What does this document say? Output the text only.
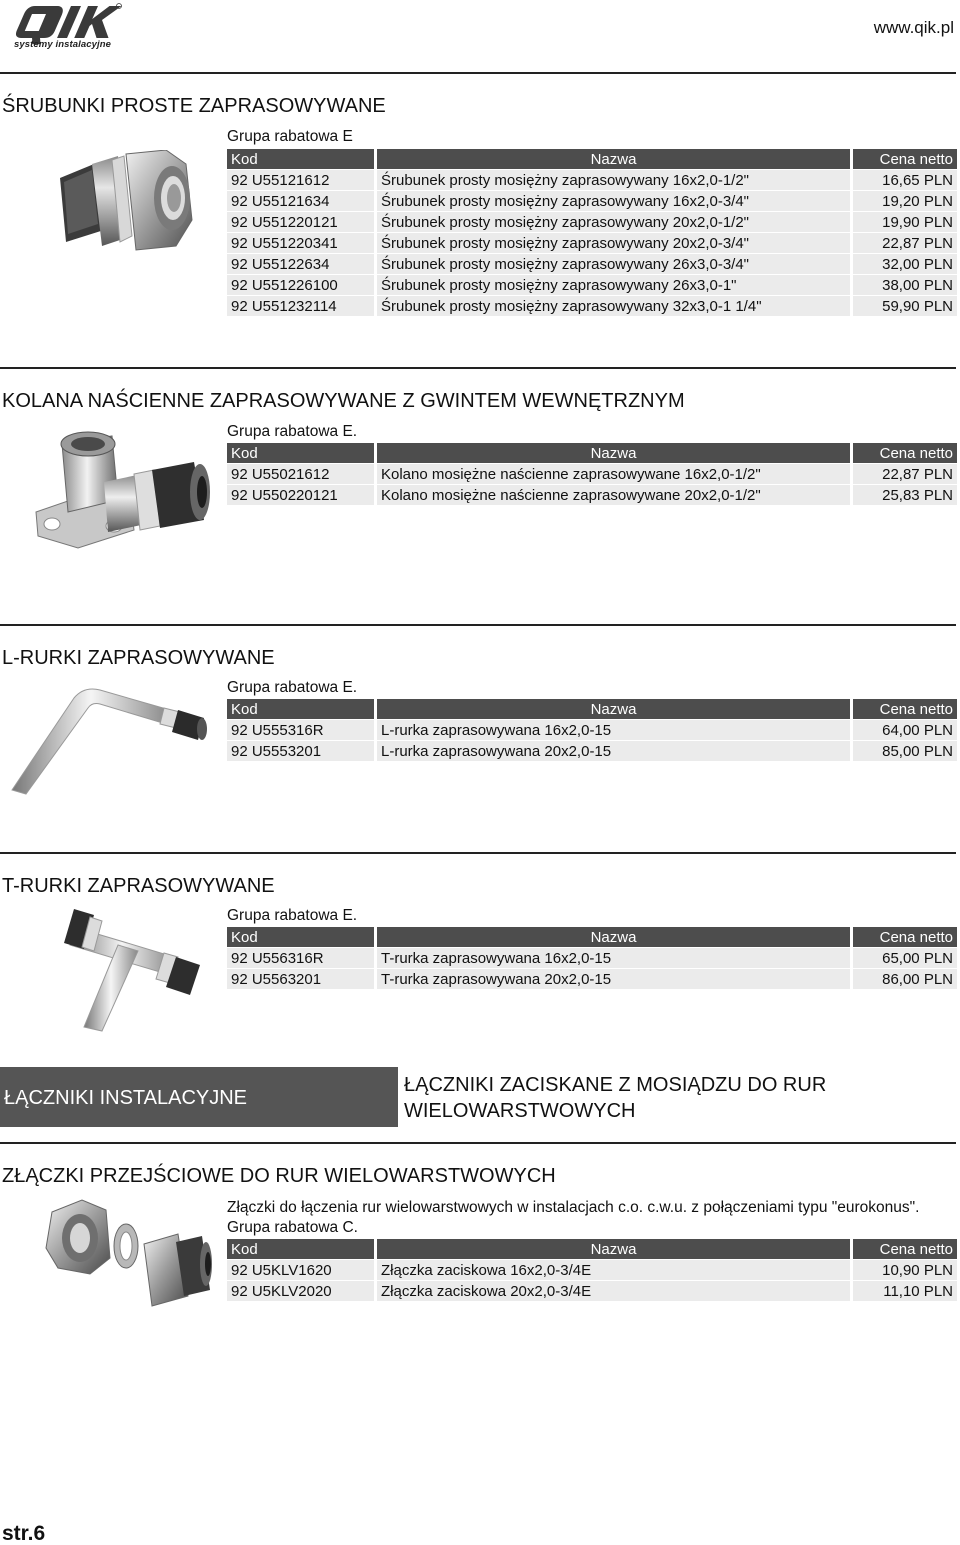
systemy instalacyjne
www.qik.pl
ŚRUBUNKI PROSTE ZAPRASOWYWANE
Grupa rabatowa E
Kod	Nazwa	Cena netto
92 U55121612	Śrubunek prosty mosiężny zaprasowywany 16x2,0-1/2"	16,65 PLN
92 U55121634	Śrubunek prosty mosiężny zaprasowywany 16x2,0-3/4"	19,20 PLN
92 U551220121	Śrubunek prosty mosiężny zaprasowywany 20x2,0-1/2"	19,90 PLN
92 U551220341	Śrubunek prosty mosiężny zaprasowywany 20x2,0-3/4"	22,87 PLN
92 U55122634	Śrubunek prosty mosiężny zaprasowywany 26x3,0-3/4"	32,00 PLN
92 U551226100	Śrubunek prosty mosiężny zaprasowywany 26x3,0-1"	38,00 PLN
92 U551232114	Śrubunek prosty mosiężny zaprasowywany 32x3,0-1 1/4"	59,90 PLN
KOLANA NAŚCIENNE ZAPRASOWYWANE Z GWINTEM WEWNĘTRZNYM
Grupa rabatowa E.
Kod	Nazwa	Cena netto
92 U55021612	Kolano mosiężne naścienne zaprasowywane 16x2,0-1/2"	22,87 PLN
92 U550220121	Kolano mosiężne naścienne zaprasowywane 20x2,0-1/2"	25,83 PLN
L-RURKI ZAPRASOWYWANE
Grupa rabatowa E.
Kod	Nazwa	Cena netto
92 U555316R	L-rurka zaprasowywana 16x2,0-15	64,00 PLN
92 U5553201	L-rurka zaprasowywana 20x2,0-15	85,00 PLN
T-RURKI ZAPRASOWYWANE
Grupa rabatowa E.
Kod	Nazwa	Cena netto
92 U556316R	T-rurka zaprasowywana 16x2,0-15	65,00 PLN
92 U5563201	T-rurka zaprasowywana 20x2,0-15	86,00 PLN
ŁĄCZNIKI INSTALACYJNE
ŁĄCZNIKI ZACISKANE Z MOSIĄDZU DO RUR WIELOWARSTWOWYCH
ZŁĄCZKI PRZEJŚCIOWE DO RUR WIELOWARSTWOWYCH
Złączki do łączenia rur wielowarstwowych w instalacjach c.o. c.w.u. z połączeniami typu "eurokonus".
Grupa rabatowa C.
Kod	Nazwa	Cena netto
92 U5KLV1620	Złączka zaciskowa 16x2,0-3/4E	10,90 PLN
92 U5KLV2020	Złączka zaciskowa 20x2,0-3/4E	11,10 PLN
str.6
